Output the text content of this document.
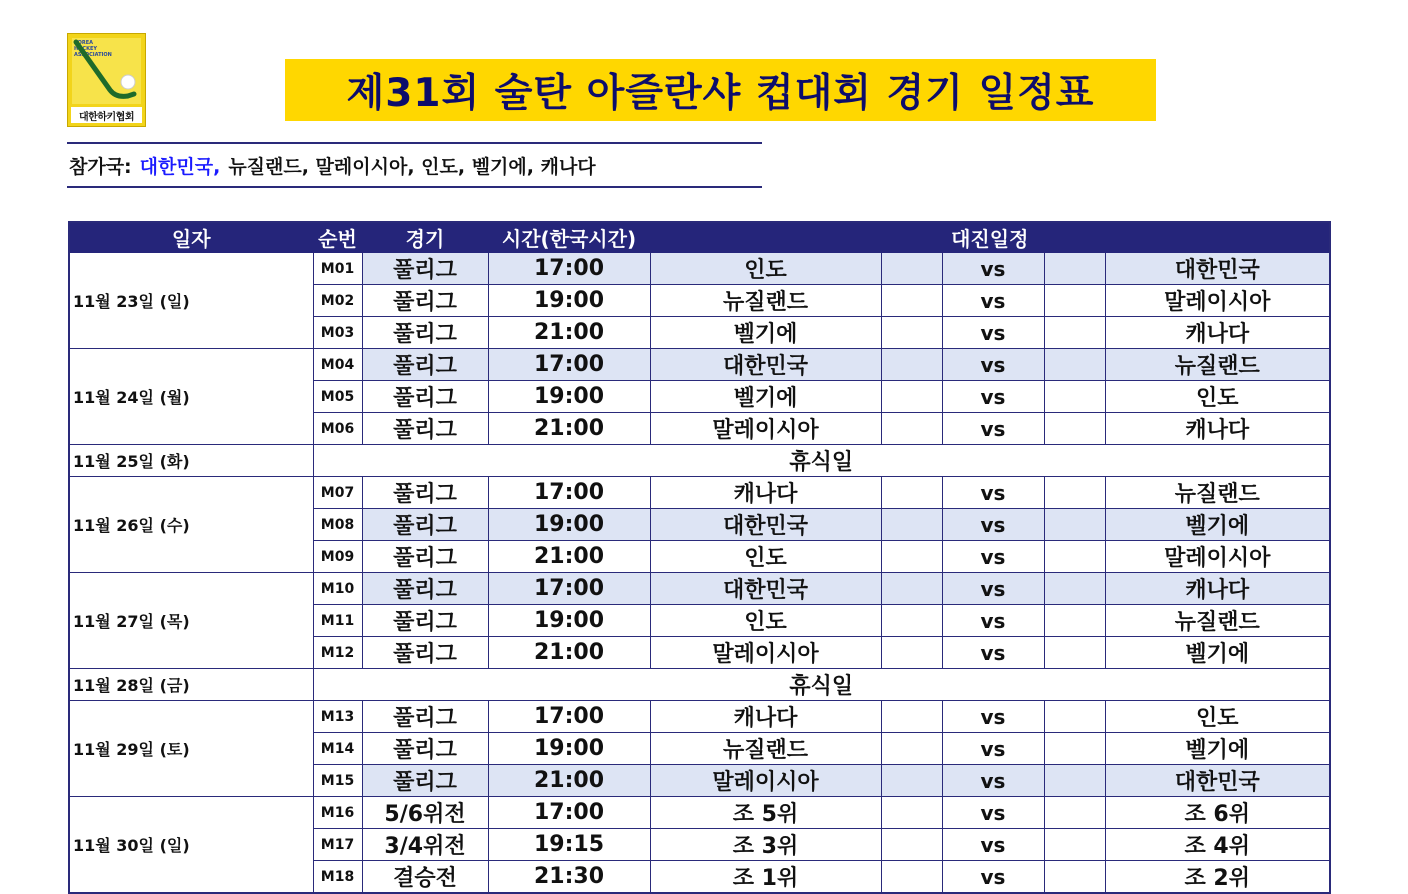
KOREA
HOCKEY
ASSOCIATION
대한하키협회
제31회 술탄 아즐란샤 컵대회 경기 일정표
참가국: 대한민국, 뉴질랜드, 말레이시아, 인도, 벨기에, 캐나다
일자	순번	경기	시간(한국시간)	대진일정				
11월 23일 (일)	M01	풀리그	17:00	인도		vs		대한민국
	M02	풀리그	19:00	뉴질랜드		vs		말레이시아
	M03	풀리그	21:00	벨기에		vs		캐나다
11월 24일 (월)	M04	풀리그	17:00	대한민국		vs		뉴질랜드
	M05	풀리그	19:00	벨기에		vs		인도
	M06	풀리그	21:00	말레이시아		vs		캐나다
11월 25일 (화)	휴식일							
11월 26일 (수)	M07	풀리그	17:00	캐나다		vs		뉴질랜드
	M08	풀리그	19:00	대한민국		vs		벨기에
	M09	풀리그	21:00	인도		vs		말레이시아
11월 27일 (목)	M10	풀리그	17:00	대한민국		vs		캐나다
	M11	풀리그	19:00	인도		vs		뉴질랜드
	M12	풀리그	21:00	말레이시아		vs		벨기에
11월 28일 (금)	휴식일							
11월 29일 (토)	M13	풀리그	17:00	캐나다		vs		인도
	M14	풀리그	19:00	뉴질랜드		vs		벨기에
	M15	풀리그	21:00	말레이시아		vs		대한민국
11월 30일 (일)	M16	5/6위전	17:00	조 5위		vs		조 6위
	M17	3/4위전	19:15	조 3위		vs		조 4위
	M18	결승전	21:30	조 1위		vs		조 2위
